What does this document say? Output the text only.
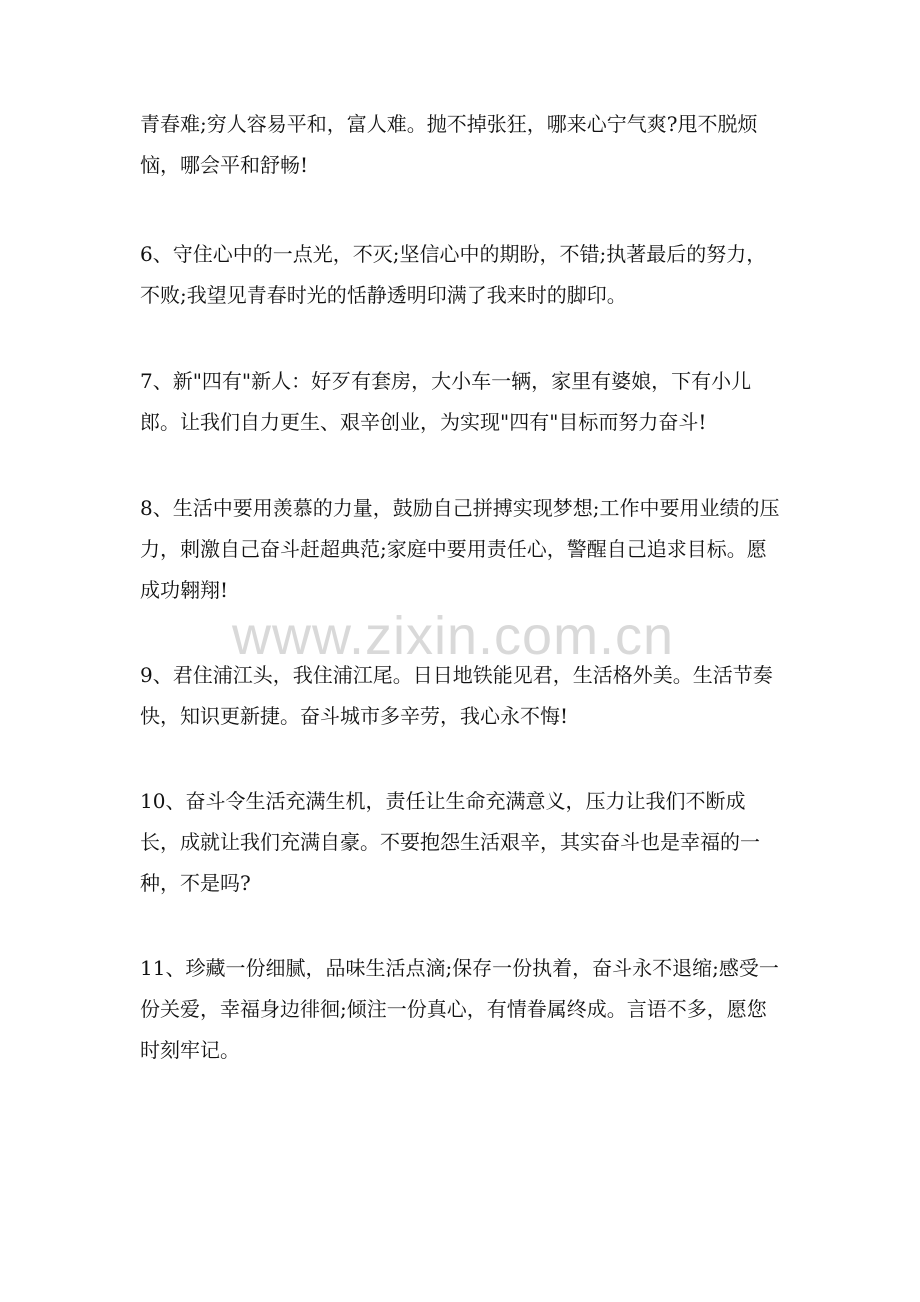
青春难;穷人容易平和，富人难。抛不掉张狂，哪来心宁气爽?甩不脱烦恼，哪会平和舒畅!

6、守住心中的一点光，不灭;坚信心中的期盼，不错;执著最后的努力，不败;我望见青春时光的恬静透明印满了我来时的脚印。

7、新"四有"新人：好歹有套房，大小车一辆，家里有婆娘，下有小儿郎。让我们自力更生、艰辛创业，为实现"四有"目标而努力奋斗!

8、生活中要用羡慕的力量，鼓励自己拼搏实现梦想;工作中要用业绩的压力，刺激自己奋斗赶超典范;家庭中要用责任心，警醒自己追求目标。愿成功翱翔!

9、君住浦江头，我住浦江尾。日日地铁能见君，生活格外美。生活节奏快，知识更新捷。奋斗城市多辛劳，我心永不悔!

10、奋斗令生活充满生机，责任让生命充满意义，压力让我们不断成长，成就让我们充满自豪。不要抱怨生活艰辛，其实奋斗也是幸福的一种，不是吗?

11、珍藏一份细腻，品味生活点滴;保存一份执着，奋斗永不退缩;感受一份关爱，幸福身边徘徊;倾注一份真心，有情眷属终成。言语不多，愿您时刻牢记。

www.zixin.com.cn
